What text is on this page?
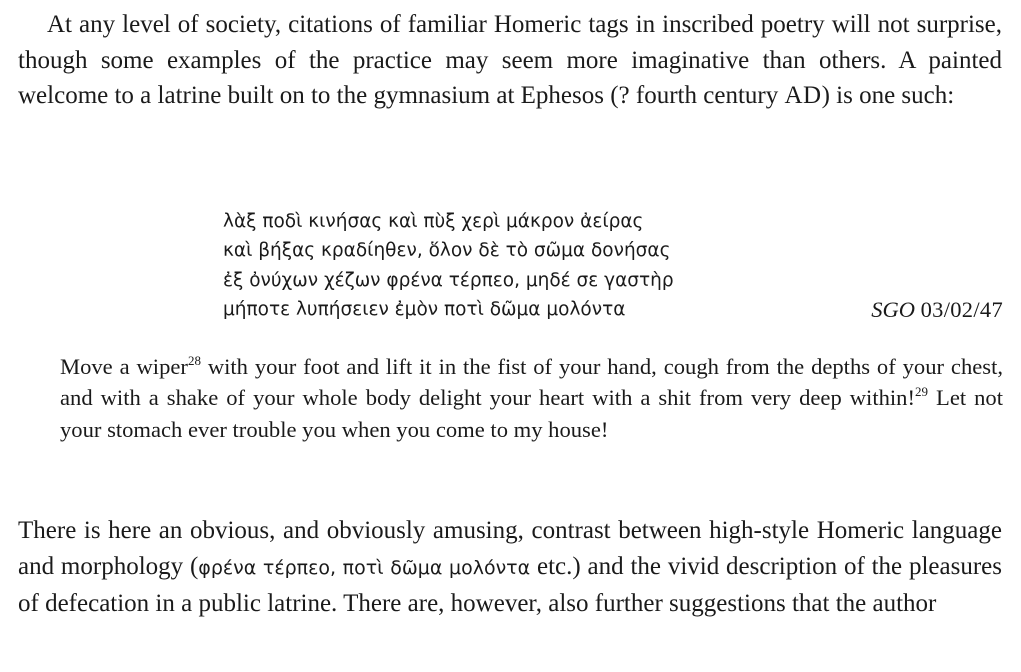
At any level of society, citations of familiar Homeric tags in inscribed poetry will not surprise, though some examples of the practice may seem more imaginative than others. A painted welcome to a latrine built on to the gymnasium at Ephesos (? fourth century AD) is one such:

λὰξ ποδὶ κινήσας καὶ πὺξ χερὶ μάκρον ἀείρας
καὶ βήξας κραδίηθεν, ὅλον δὲ τὸ σῶμα δονήσας
ἐξ ὀνύχων χέζων φρένα τέρπεο, μηδέ σε γαστὴρ
μήποτε λυπήσειεν ἐμὸν ποτὶ δῶμα μολόντα	SGO 03/02/47

Move a wiper$^{28}$ with your foot and lift it in the fist of your hand, cough from the depths of your chest, and with a shake of your whole body delight your heart with a shit from very deep within!$^{29}$ Let not your stomach ever trouble you when you come to my house!

There is here an obvious, and obviously amusing, contrast between high-style Homeric language and morphology (φρένα τέρπεο, ποτὶ δῶμα μολόντα etc.) and the vivid description of the pleasures of defecation in a public latrine. There are, however, also further suggestions that the author
